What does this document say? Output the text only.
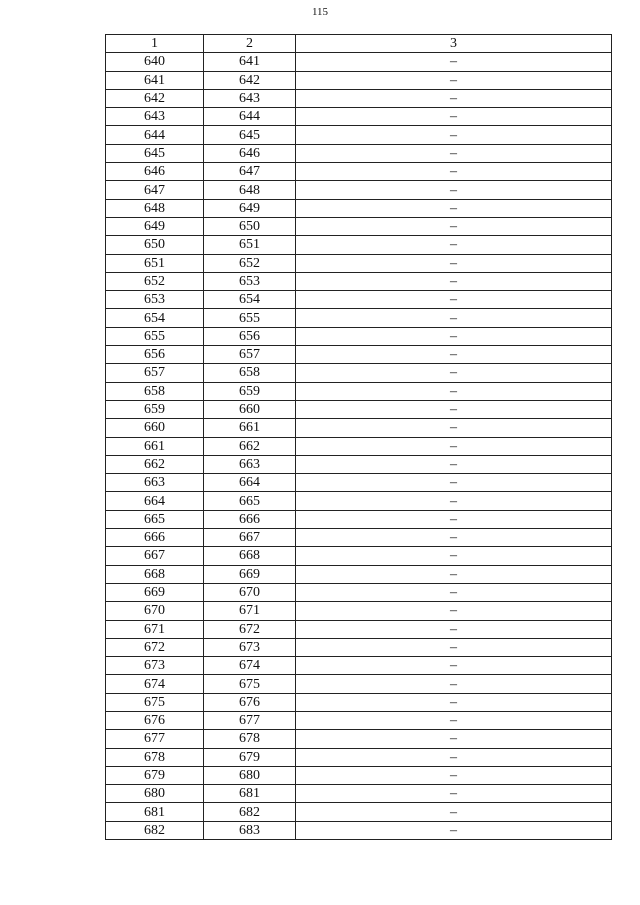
115
1	2	3
640	641	–
641	642	–
642	643	–
643	644	–
644	645	–
645	646	–
646	647	–
647	648	–
648	649	–
649	650	–
650	651	–
651	652	–
652	653	–
653	654	–
654	655	–
655	656	–
656	657	–
657	658	–
658	659	–
659	660	–
660	661	–
661	662	–
662	663	–
663	664	–
664	665	–
665	666	–
666	667	–
667	668	–
668	669	–
669	670	–
670	671	–
671	672	–
672	673	–
673	674	–
674	675	–
675	676	–
676	677	–
677	678	–
678	679	–
679	680	–
680	681	–
681	682	–
682	683	–
